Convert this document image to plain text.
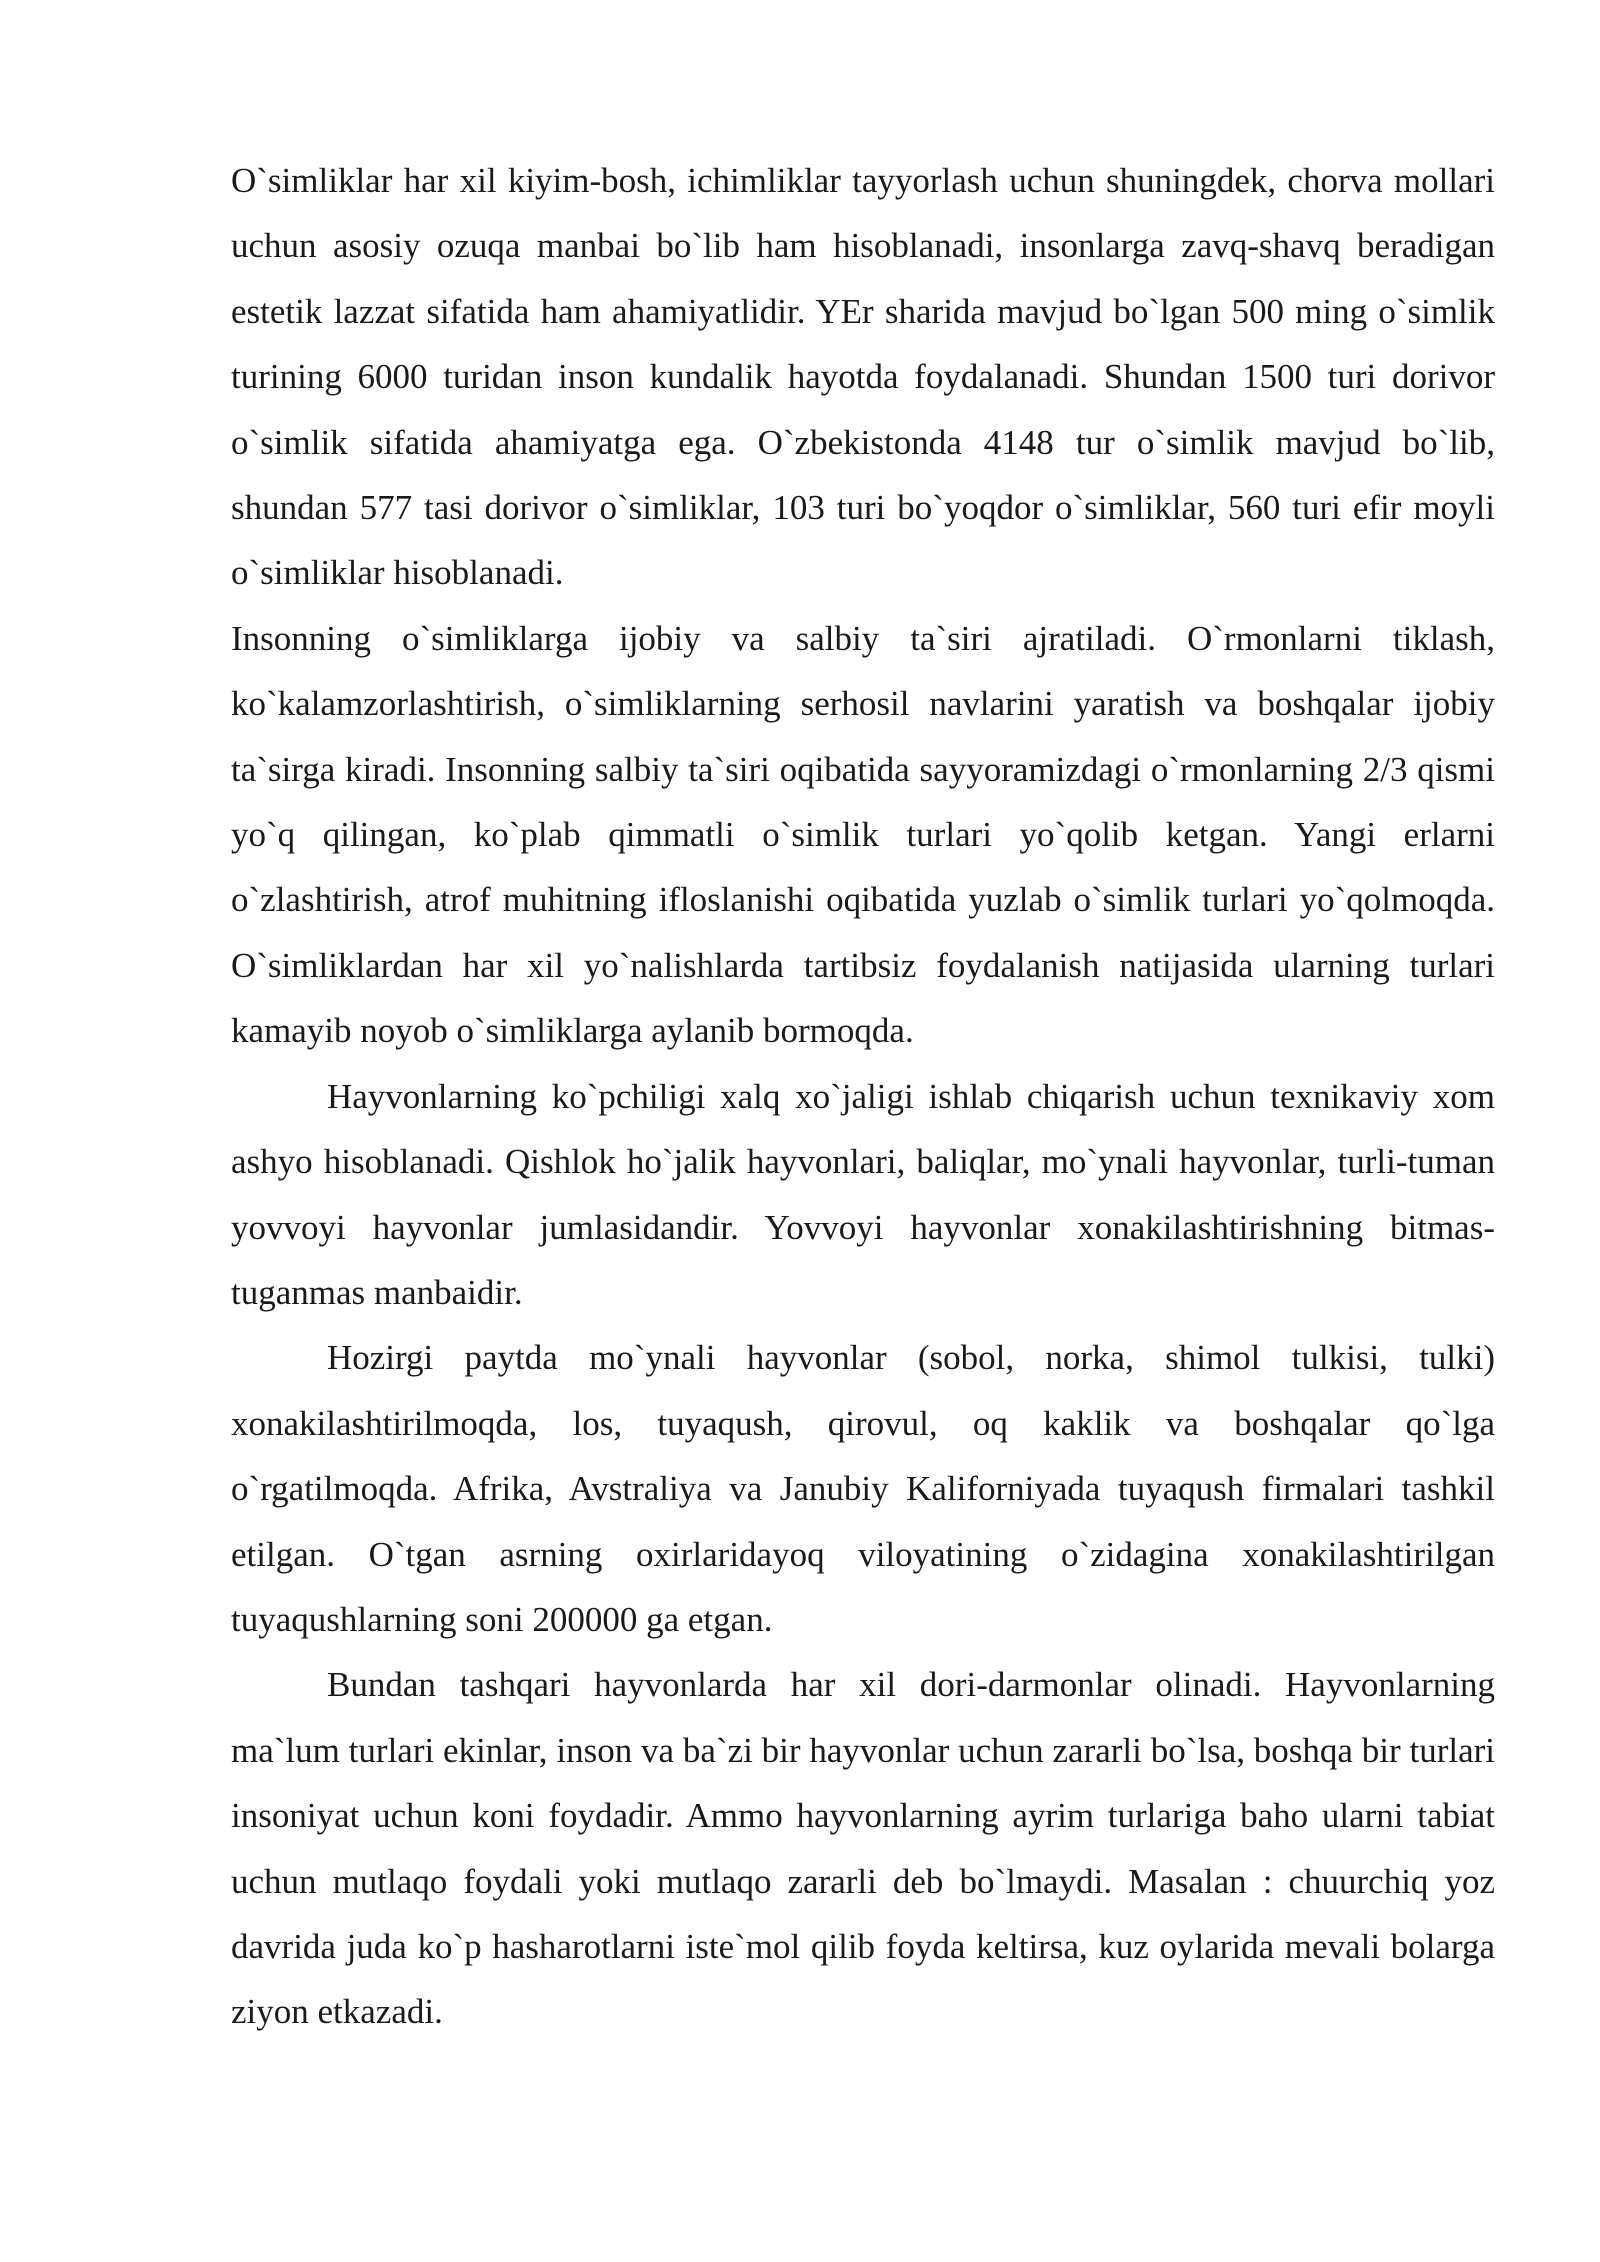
O`simliklar har xil kiyim-bosh, ichimliklar tayyorlash uchun shuningdek, chorva mollari uchun asosiy ozuqa manbai bo`lib ham hisoblanadi, insonlarga zavq-shavq beradigan estetik lazzat sifatida ham ahamiyatlidir. YEr sharida mavjud bo`lgan 500 ming o`simlik turining 6000 turidan inson kundalik hayotda foydalanadi. Shundan 1500 turi dorivor o`simlik sifatida ahamiyatga ega. O`zbekistonda 4148 tur o`simlik mavjud bo`lib, shundan 577 tasi dorivor o`simliklar, 103 turi bo`yoqdor o`simliklar, 560 turi efir moyli o`simliklar hisoblanadi.

Insonning o`simliklarga ijobiy va salbiy ta`siri ajratiladi. O`rmonlarni tiklash, ko`kalamzorlashtirish, o`simliklarning serhosil navlarini yaratish va boshqalar ijobiy ta`sirga kiradi. Insonning salbiy ta`siri oqibatida sayyoramizdagi o`rmonlarning 2/3 qismi yo`q qilingan, ko`plab qimmatli o`simlik turlari yo`qolib ketgan. Yangi erlarni o`zlashtirish, atrof muhitning ifloslanishi oqibatida yuzlab o`simlik turlari yo`qolmoqda. O`simliklardan har xil yo`nalishlarda tartibsiz foydalanish natijasida ularning turlari kamayib noyob o`simliklarga aylanib bormoqda.

Hayvonlarning ko`pchiligi xalq xo`jaligi ishlab chiqarish uchun texnikaviy xom ashyo hisoblanadi. Qishlok ho`jalik hayvonlari, baliqlar, mo`ynali hayvonlar, turli-tuman yovvoyi hayvonlar jumlasidandir. Yovvoyi hayvonlar xonakilashtirishning bitmas-tuganmas manbaidir.

Hozirgi paytda mo`ynali hayvonlar (sobol, norka, shimol tulkisi, tulki) xonakilashtirilmoqda, los, tuyaqush, qirovul, oq kaklik va boshqalar qo`lga o`rgatilmoqda. Afrika, Avstraliya va Janubiy Kaliforniyada tuyaqush firmalari tashkil etilgan. O`tgan asrning oxirlaridayoq viloyatining o`zidagina xonakilashtirilgan tuyaqushlarning soni 200000 ga etgan.

Bundan tashqari hayvonlarda har xil dori-darmonlar olinadi. Hayvonlarning ma`lum turlari ekinlar, inson va ba`zi bir hayvonlar uchun zararli bo`lsa, boshqa bir turlari insoniyat uchun koni foydadir. Ammo hayvonlarning ayrim turlariga baho ularni tabiat uchun mutlaqo foydali yoki mutlaqo zararli deb bo`lmaydi. Masalan : chuurchiq yoz davrida juda ko`p hasharotlarni iste`mol qilib foyda keltirsa, kuz oylarida mevali bolarga ziyon etkazadi.
